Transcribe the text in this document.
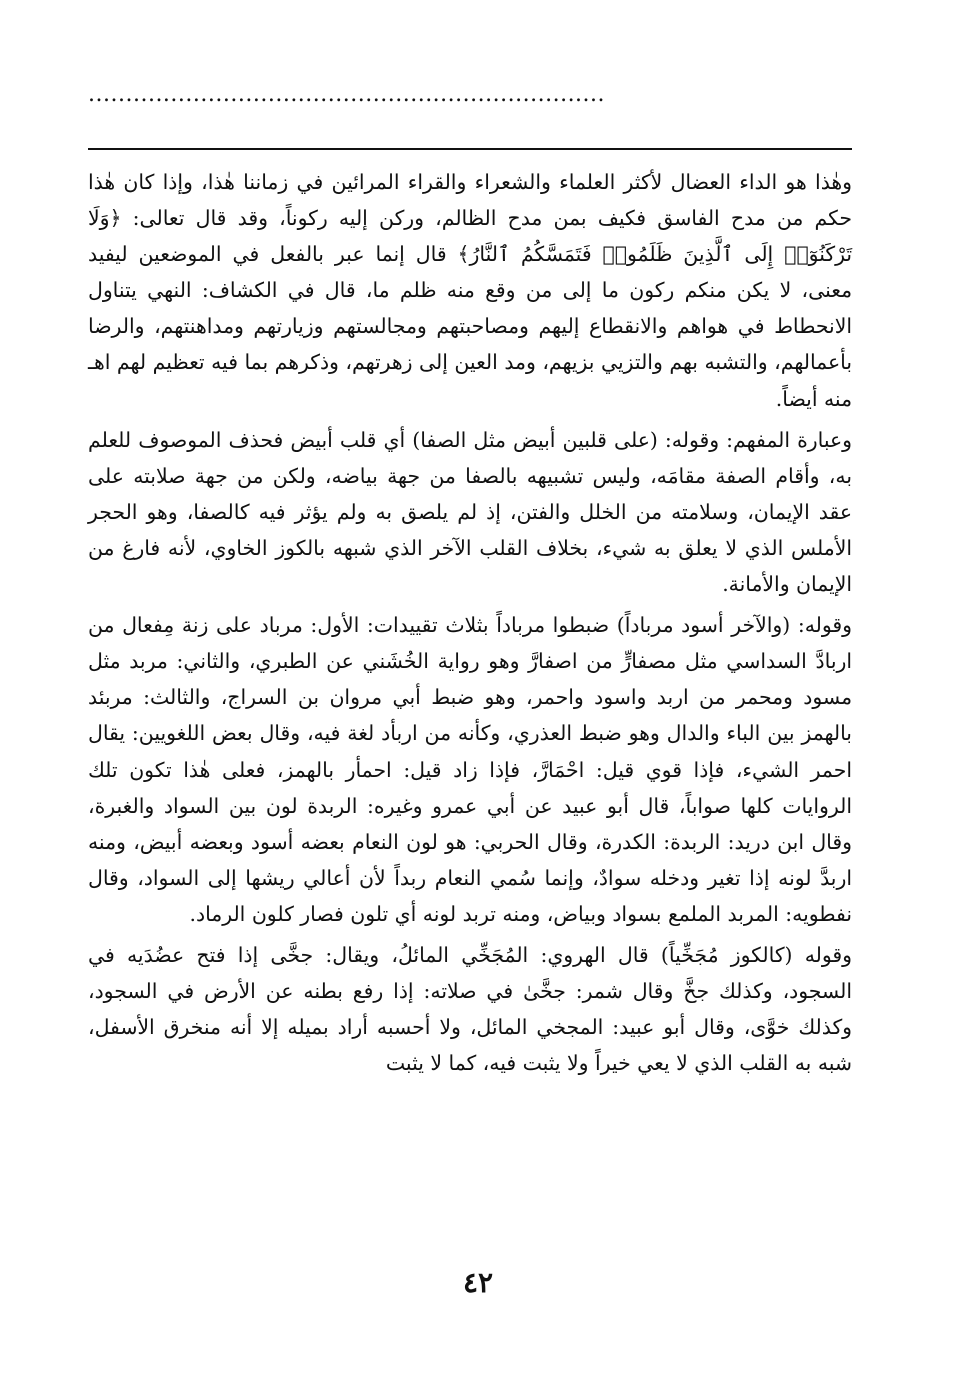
.....................................................................

وهٰذا هو الداء العضال لأكثر العلماء والشعراء والقراء المرائين في زماننا هٰذا، وإذا كان هٰذا حكم من مدح الفاسق فكيف بمن مدح الظالم، وركن إليه ركوناً، وقد قال تعالى: ﴿وَلَا تَرْكَنُوٓا۟ إِلَى ٱلَّذِينَ ظَلَمُوا۟ فَتَمَسَّكُمُ ٱلنَّارُ﴾ قال إنما عبر بالفعل في الموضعين ليفيد معنى، لا يكن منكم ركون ما إلى من وقع منه ظلم ما، قال في الكشاف: النهي يتناول الانحطاط في هواهم والانقطاع إليهم ومصاحبتهم ومجالستهم وزيارتهم ومداهنتهم، والرضا بأعمالهم، والتشبه بهم والتزيي بزيهم، ومد العين إلى زهرتهم، وذكرهم بما فيه تعظيم لهم اهـ منه أيضاً.

وعبارة المفهم: وقوله: (على قلبين أبيض مثل الصفا) أي قلب أبيض فحذف الموصوف للعلم به، وأقام الصفة مقامَه، وليس تشبيهه بالصفا من جهة بياضه، ولكن من جهة صلابته على عقد الإيمان، وسلامته من الخلل والفتن، إذ لم يلصق به ولم يؤثر فيه كالصفا، وهو الحجر الأملس الذي لا يعلق به شيء، بخلاف القلب الآخر الذي شبهه بالكوز الخاوي، لأنه فارغ من الإيمان والأمانة.

وقوله: (والآخر أسود مرباداً) ضبطوا مرباداً بثلاث تقييدات: الأول: مرباد على زنة مِفعال من اربادَّ السداسي مثل مصفارٍّ من اصفارَّ وهو رواية الخُشَني عن الطبري، والثاني: مربد مثل مسود ومحمر من اربد واسود واحمر، وهو ضبط أبي مروان بن السراج، والثالث: مربئد بالهمز بين الباء والدال وهو ضبط العذري، وكأنه من اربأد لغة فيه، وقال بعض اللغويين: يقال احمر الشيء، فإذا قوي قيل: احْمَارَّ، فإذا زاد قيل: احمأر بالهمز، فعلى هٰذا تكون تلك الروايات كلها صواباً، قال أبو عبيد عن أبي عمرو وغيره: الربدة لون بين السواد والغبرة، وقال ابن دريد: الربدة: الكدرة، وقال الحربي: هو لون النعام بعضه أسود وبعضه أبيض، ومنه اربدَّ لونه إذا تغير ودخله سوادٌ، وإنما سُمي النعام ربداً لأن أعالي ريشها إلى السواد، وقال نفطويه: المربد الملمع بسواد وبياض، ومنه تربد لونه أي تلون فصار كلون الرماد.

وقوله (كالكوز مُجَخِّياً) قال الهروي: المُجَخِّي المائلُ، ويقال: جخَّى إذا فتح عضُدَيه في السجود، وكذلك جخَّ وقال شمر: جخَّىٰ في صلاته: إذا رفع بطنه عن الأرض في السجود، وكذلك خوَّى، وقال أبو عبيد: المجخي المائل، ولا أحسبه أراد بميله إلا أنه منخرق الأسفل، شبه به القلب الذي لا يعي خيراً ولا يثبت فيه، كما لا يثبت

٤٢
